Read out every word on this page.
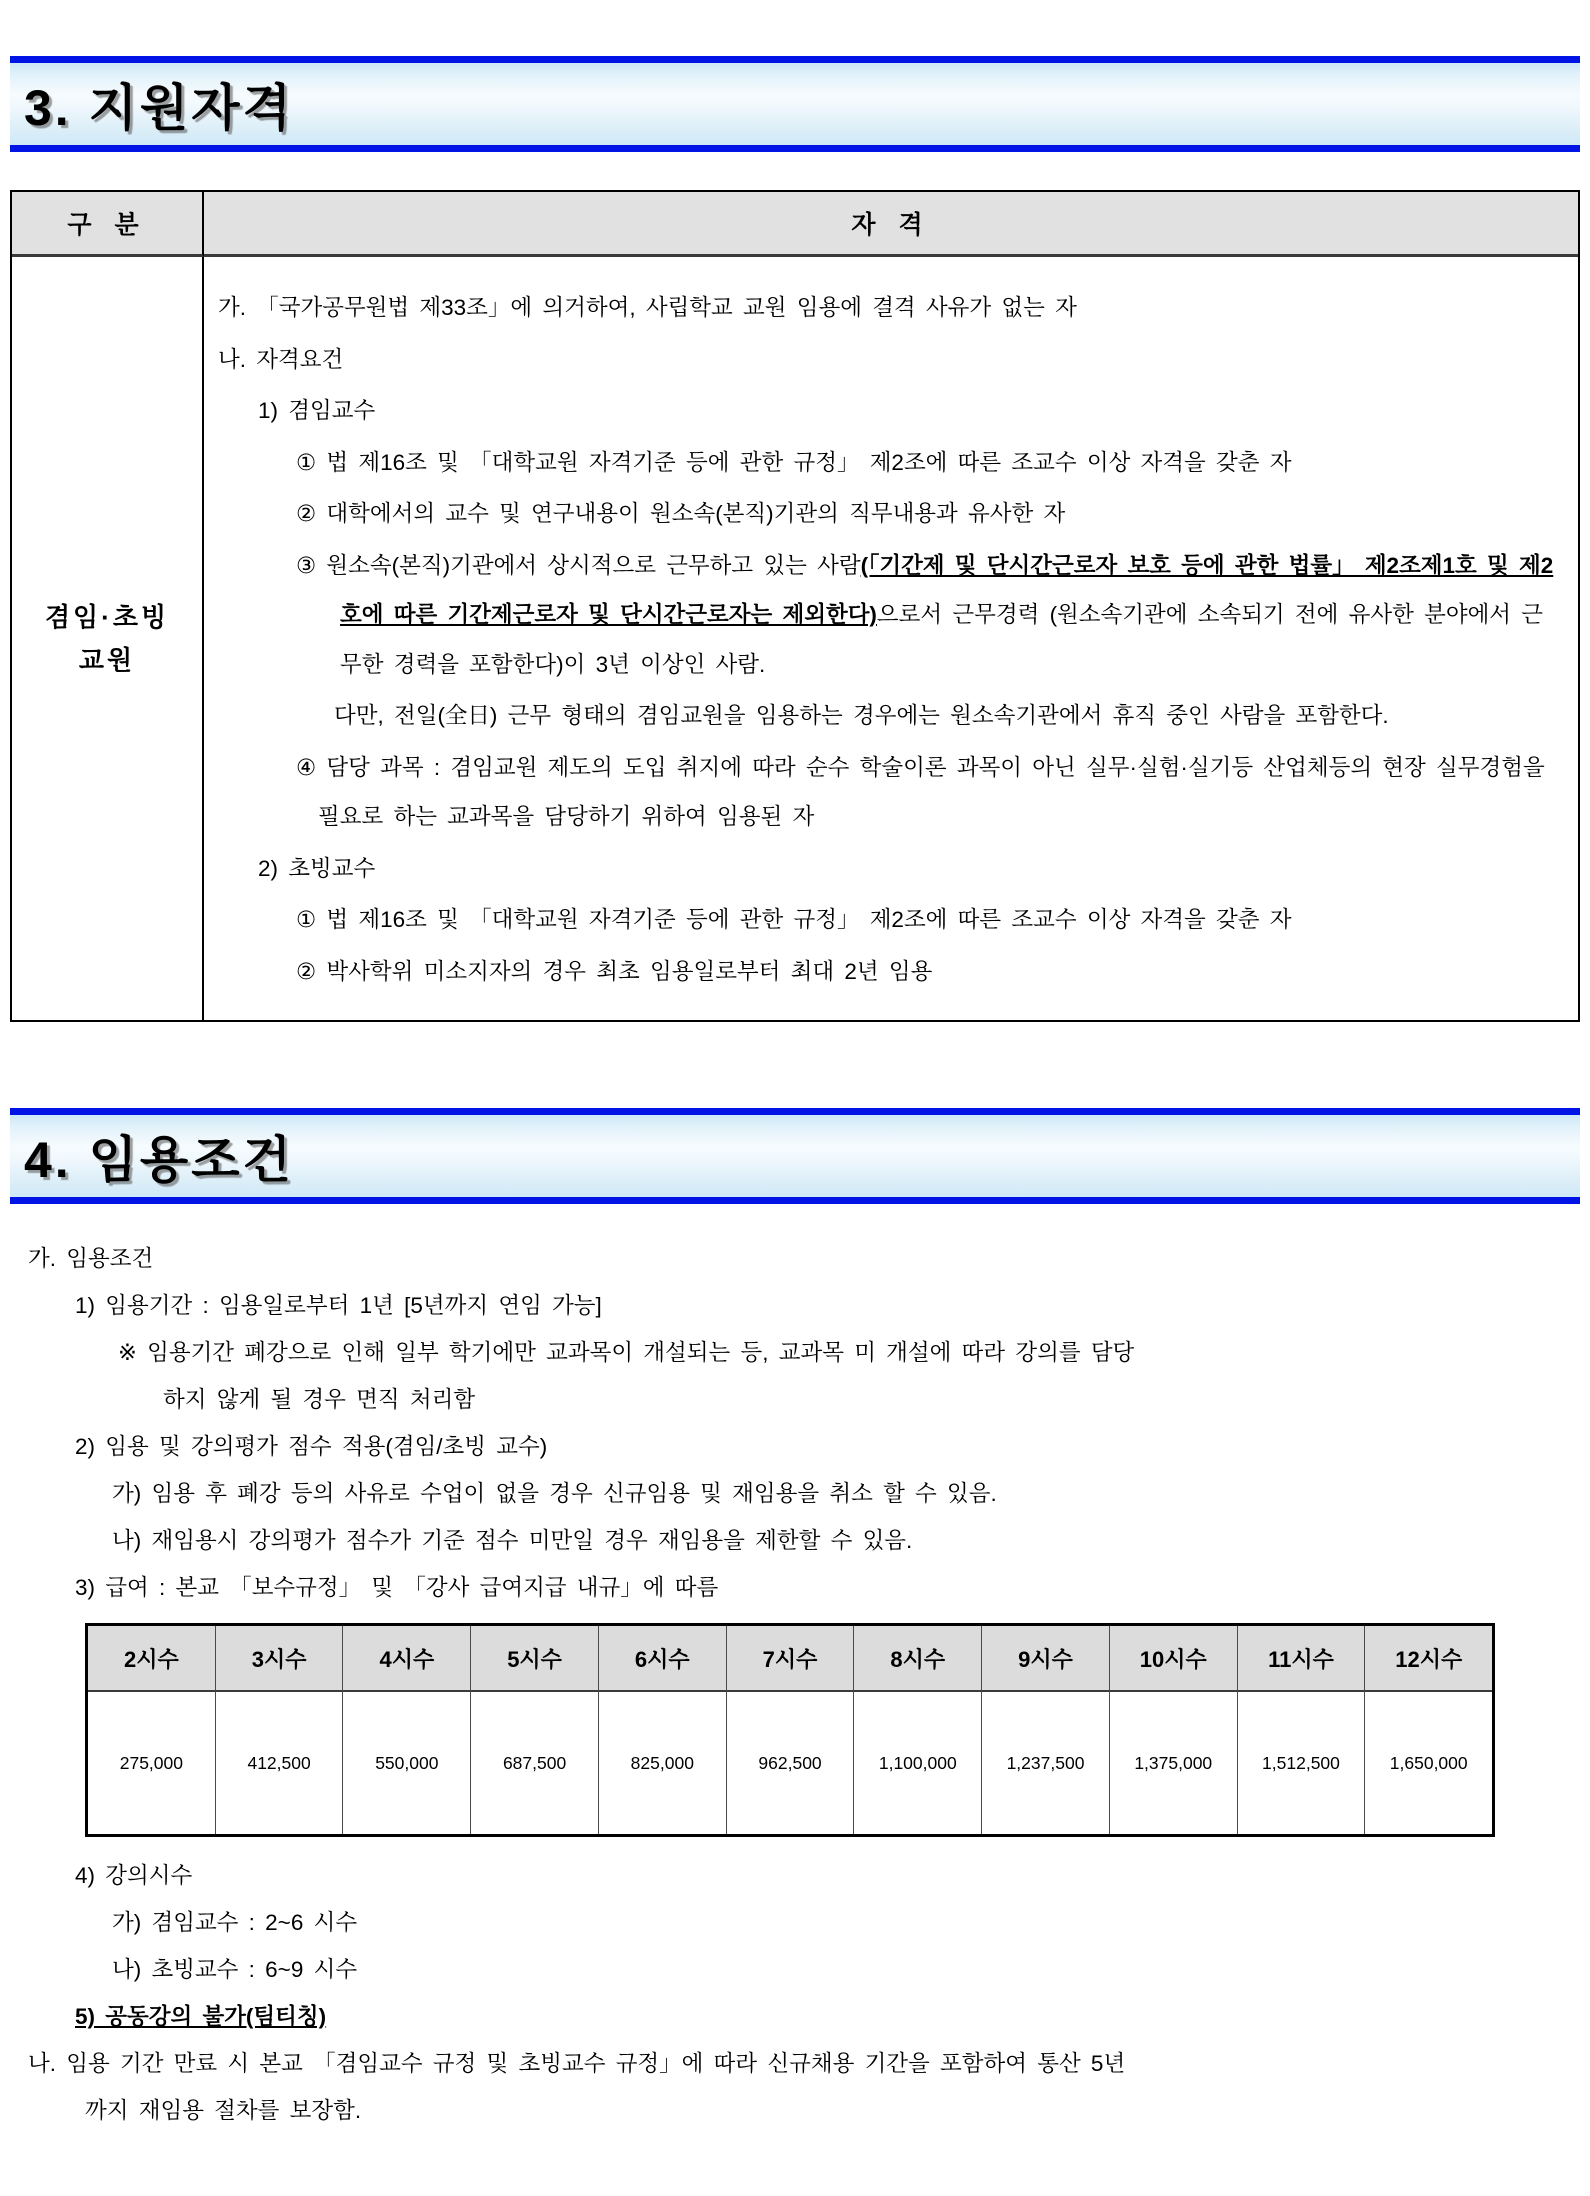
3. 지원자격
구 분	자 격
겸임·초빙
교원
가. 「국가공무원법 제33조」에 의거하여, 사립학교 교원 임용에 결격 사유가 없는 자
나. 자격요건
1) 겸임교수
① 법 제16조 및 「대학교원 자격기준 등에 관한 규정」 제2조에 따른 조교수 이상 자격을 갖춘 자
② 대학에서의 교수 및 연구내용이 원소속(본직)기관의 직무내용과 유사한 자
③ 원소속(본직)기관에서 상시적으로 근무하고 있는 사람(「기간제 및 단시간근로자 보호 등에 관한 법률」 제2조제1호 및 제2호에 따른 기간제근로자 및 단시간근로자는 제외한다)으로서 근무경력 (원소속기관에 소속되기 전에 유사한 분야에서 근무한 경력을 포함한다)이 3년 이상인 사람.
다만, 전일(全日) 근무 형태의 겸임교원을 임용하는 경우에는 원소속기관에서 휴직 중인 사람을 포함한다.
④ 담당 과목 : 겸임교원 제도의 도입 취지에 따라 순수 학술이론 과목이 아닌 실무·실험·실기등 산업체등의 현장 실무경험을 필요로 하는 교과목을 담당하기 위하여 임용된 자
2) 초빙교수
① 법 제16조 및 「대학교원 자격기준 등에 관한 규정」 제2조에 따른 조교수 이상 자격을 갖춘 자
② 박사학위 미소지자의 경우 최초 임용일로부터 최대 2년 임용
4. 임용조건
가. 임용조건
1) 임용기간 : 임용일로부터 1년 [5년까지 연임 가능]
※ 임용기간 폐강으로 인해 일부 학기에만 교과목이 개설되는 등, 교과목 미 개설에 따라 강의를 담당
하지 않게 될 경우 면직 처리함
2) 임용 및 강의평가 점수 적용(겸임/초빙 교수)
가) 임용 후 폐강 등의 사유로 수업이 없을 경우 신규임용 및 재임용을 취소 할 수 있음.
나) 재임용시 강의평가 점수가 기준 점수 미만일 경우 재임용을 제한할 수 있음.
3) 급여 : 본교 「보수규정」 및 「강사 급여지급 내규」에 따름
2시수	3시수	4시수	5시수	6시수	7시수	8시수	9시수	10시수	11시수	12시수
275,000	412,500	550,000	687,500	825,000	962,500	1,100,000	1,237,500	1,375,000	1,512,500	1,650,000
4) 강의시수
가) 겸임교수 : 2~6 시수
나) 초빙교수 : 6~9 시수
5) 공동강의 불가(팀티칭)
나. 임용 기간 만료 시 본교 「겸임교수 규정 및 초빙교수 규정」에 따라 신규채용 기간을 포함하여 통산 5년
까지 재임용 절차를 보장함.
